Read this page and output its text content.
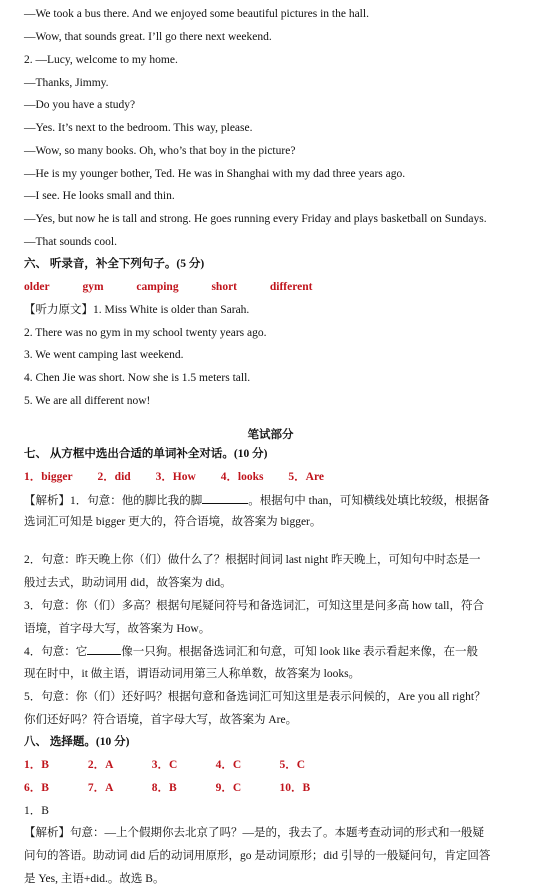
—We took a bus there. And we enjoyed some beautiful pictures in the hall.
—Wow, that sounds great. I’ll go there next weekend.
2. —Lucy, welcome to my home.
—Thanks, Jimmy.
—Do you have a study?
—Yes. It’s next to the bedroom. This way, please.
—Wow, so many books. Oh, who’s that boy in the picture?
—He is my younger bother, Ted. He was in Shanghai with my dad three years ago.
—I see. He looks small and thin.
—Yes, but now he is tall and strong. He goes running every Friday and plays basketball on Sundays.
—That sounds cool.
六、 听录音，补全下列句子。(5 分)
older	gym	camping	short	different
【听力原文】1. Miss White is older than Sarah.
2. There was no gym in my school twenty years ago.
3. We went camping last weekend.
4. Chen Jie was short. Now she is 1.5 meters tall.
5. We are all different now!
笔试部分
七、 从方框中选出合适的单词补全对话。(10 分)
1．bigger 2．did 3．How 4．looks 5．Are
【解析】1．句意：他的脚比我的脚	。根据句中 than，可知横线处填比较级，根据备
选词汇可知是 bigger 更大的，符合语境，故答案为 bigger。
2．句意：昨天晚上你（们）做什么了？根据时间词 last night 昨天晚上，可知句中时态是一
般过去式，助动词用 did，故答案为 did。
3．句意：你（们）多高？根据句尾疑问符号和备选词汇，可知这里是问多高 how tall，符合
语境，首字母大写，故答案为 How。
4．句意：它	像一只狗。根据备选词汇和句意，可知 look like 表示看起来像，在一般
现在时中，it 做主语，谓语动词用第三人称单数，故答案为 looks。
5．句意：你（们）还好吗？根据句意和备选词汇可知这里是表示问候的，Are you all right？
你们还好吗？符合语境，首字母大写，故答案为 Are。
八、 选择题。(10 分)
1．B	2．A	3．C	4．C	5．C
6．B	7．A	8．B	9．C	10．B
1．B
【解析】句意：—上个假期你去北京了吗？—是的，我去了。本题考查动词的形式和一般疑
问句的答语。助动词 did 后的动词用原形，go 是动词原形；did 引导的一般疑问句，肯定回答
是 Yes, 主语+did.。故选 B。
